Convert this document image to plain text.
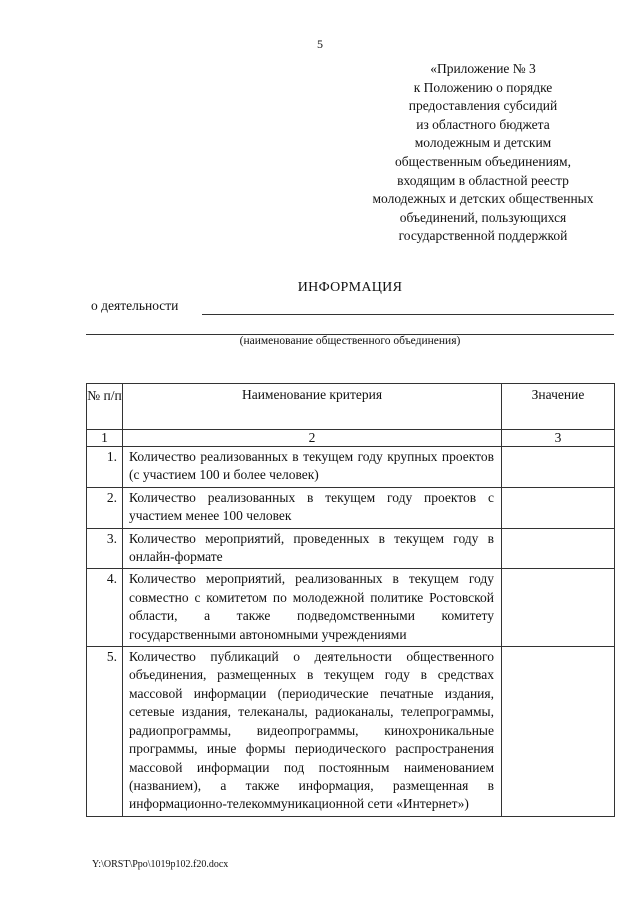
5
«Приложение № 3
к Положению о порядке
предоставления субсидий
из областного бюджета
молодежным и детским
общественным объединениям,
входящим в областной реестр
молодежных и детских общественных
объединений, пользующихся
государственной поддержкой
ИНФОРМАЦИЯ
о деятельности
(наименование общественного объединения)
№ п/п	Наименование критерия	Значение
1	2	3
1.	Количество реализованных в текущем году крупных проектов (с участием 100 и более человек)	
2.	Количество реализованных в текущем году проектов с участием менее 100 человек	
3.	Количество мероприятий, проведенных в текущем году в онлайн-формате	
4.	Количество мероприятий, реализованных в текущем году совместно с комитетом по молодежной политике Ростовской области, а также подведомственными комитету государственными автономными учреждениями	
5.	Количество публикаций о деятельности общественного объединения, размещенных в текущем году в средствах массовой информации (периодические печатные издания, сетевые издания, телеканалы, радиоканалы, телепрограммы, радиопрограммы, видеопрограммы, кинохроникальные программы, иные формы периодического распространения массовой информации под постоянным наименованием (названием), а также информация, размещенная в информационно-телекоммуникационной сети «Интернет»)	
Y:\ORST\Ppo\1019p102.f20.docx
